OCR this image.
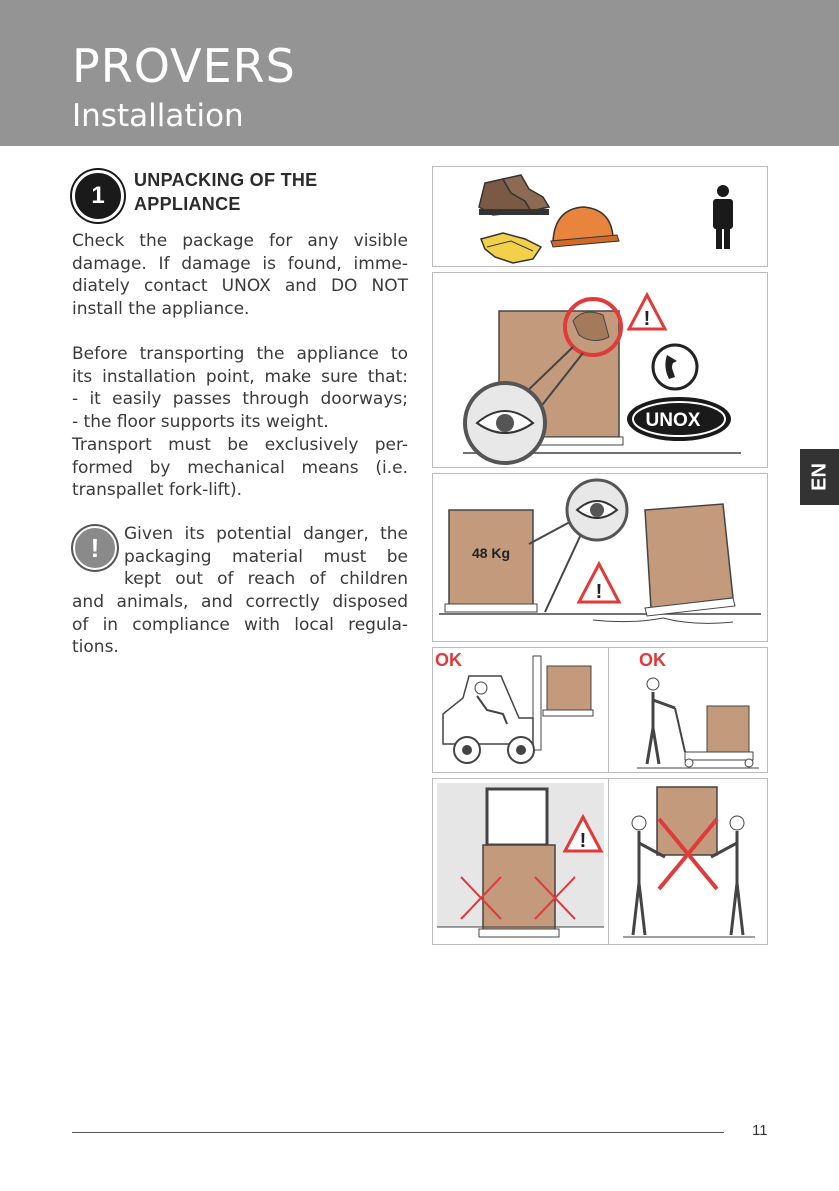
PROVERS
Installation
1
UNPACKING OF THE
APPLIANCE
Check the package for any visible
damage. If damage is found, imme-
diately contact UNOX and DO NOT
install the appliance.
Before transporting the appliance to
its installation point, make sure that:
- it easily passes through doorways;
- the floor supports its weight.
Transport must be exclusively per-
formed by mechanical means (i.e.
transpallet fork-lift).
!	Given its potential danger, the
packaging material must be
kept out of reach of children
and animals, and correctly disposed
of in compliance with local regula-
tions.
!
UNOX
48 Kg
!
OK	OK
!
EN
11
